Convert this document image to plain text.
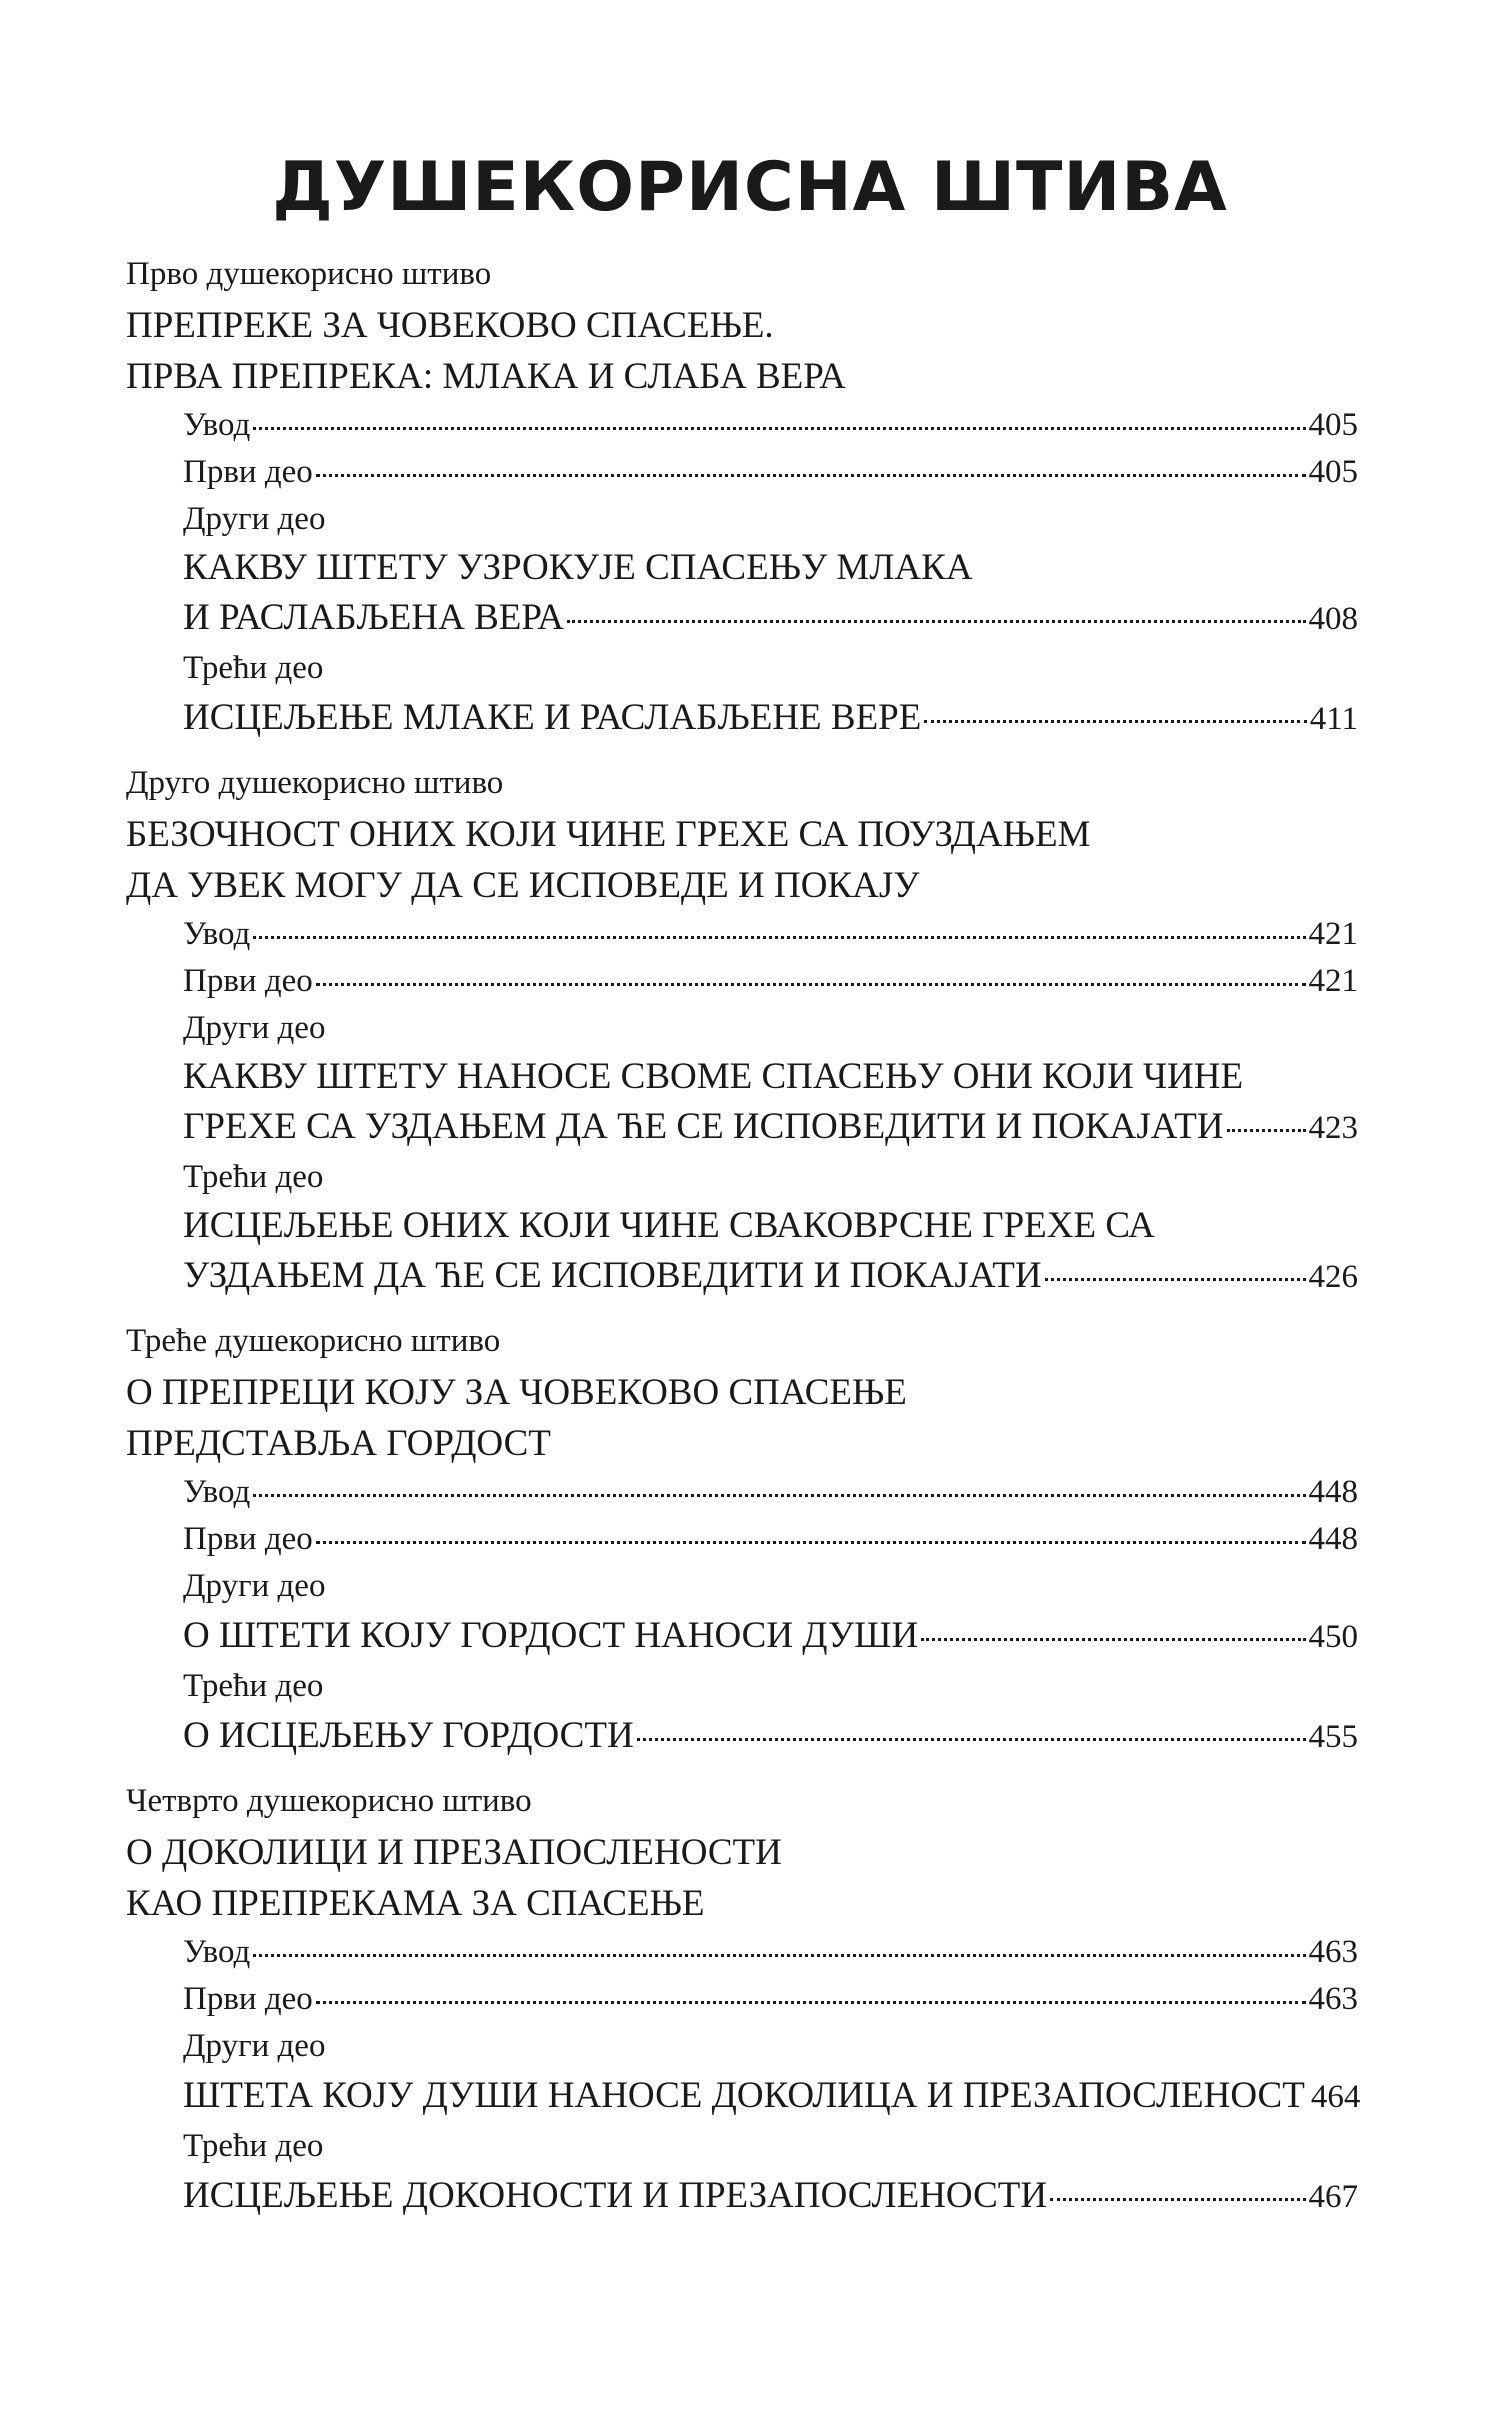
ДУШЕКОРИСНА ШТИВА
Прво душекорисно штиво
ПРЕПРЕКЕ ЗА ЧОВЕКОВО СПАСЕЊЕ.
ПРВА ПРЕПРЕКА: МЛАКА И СЛАБА ВЕРА
Увод	405
Први део	405
Други део
КАКВУ ШТЕТУ УЗРОКУЈЕ СПАСЕЊУ МЛАКА
И РАСЛАБЉЕНА ВЕРА	408
Трећи део
ИСЦЕЉЕЊЕ МЛАКЕ И РАСЛАБЉЕНЕ ВЕРЕ	411
Друго душекорисно штиво
БЕЗОЧНОСТ ОНИХ КОЈИ ЧИНЕ ГРЕХЕ СА ПОУЗДАЊЕМ
ДА УВЕК МОГУ ДА СЕ ИСПОВЕДЕ И ПОКАЈУ
Увод	421
Први део	421
Други део
КАКВУ ШТЕТУ НАНОСЕ СВОМЕ СПАСЕЊУ ОНИ КОЈИ ЧИНЕ
ГРЕХЕ СА УЗДАЊЕМ ДА ЋЕ СЕ ИСПОВЕДИТИ И ПОКАЈАТИ	423
Трећи део
ИСЦЕЉЕЊЕ ОНИХ КОЈИ ЧИНЕ СВАКОВРСНЕ ГРЕХЕ СА
УЗДАЊЕМ ДА ЋЕ СЕ ИСПОВЕДИТИ И ПОКАЈАТИ	426
Треће душекорисно штиво
О ПРЕПРЕЦИ КОЈУ ЗА ЧОВЕКОВО СПАСЕЊЕ
ПРЕДСТАВЉА ГОРДОСТ
Увод	448
Први део	448
Други део
О ШТЕТИ КОЈУ ГОРДОСТ НАНОСИ ДУШИ	450
Трећи део
О ИСЦЕЉЕЊУ ГОРДОСТИ	455
Четврто душекорисно штиво
О ДОКОЛИЦИ И ПРЕЗАПОСЛЕНОСТИ
КАО ПРЕПРЕКАМА ЗА СПАСЕЊЕ
Увод	463
Први део	463
Други део
ШТЕТА КОЈУ ДУШИ НАНОСЕ ДОКОЛИЦА И ПРЕЗАПОСЛЕНОСТ 464
Трећи део
ИСЦЕЉЕЊЕ ДОКОНОСТИ И ПРЕЗАПОСЛЕНОСТИ	467
